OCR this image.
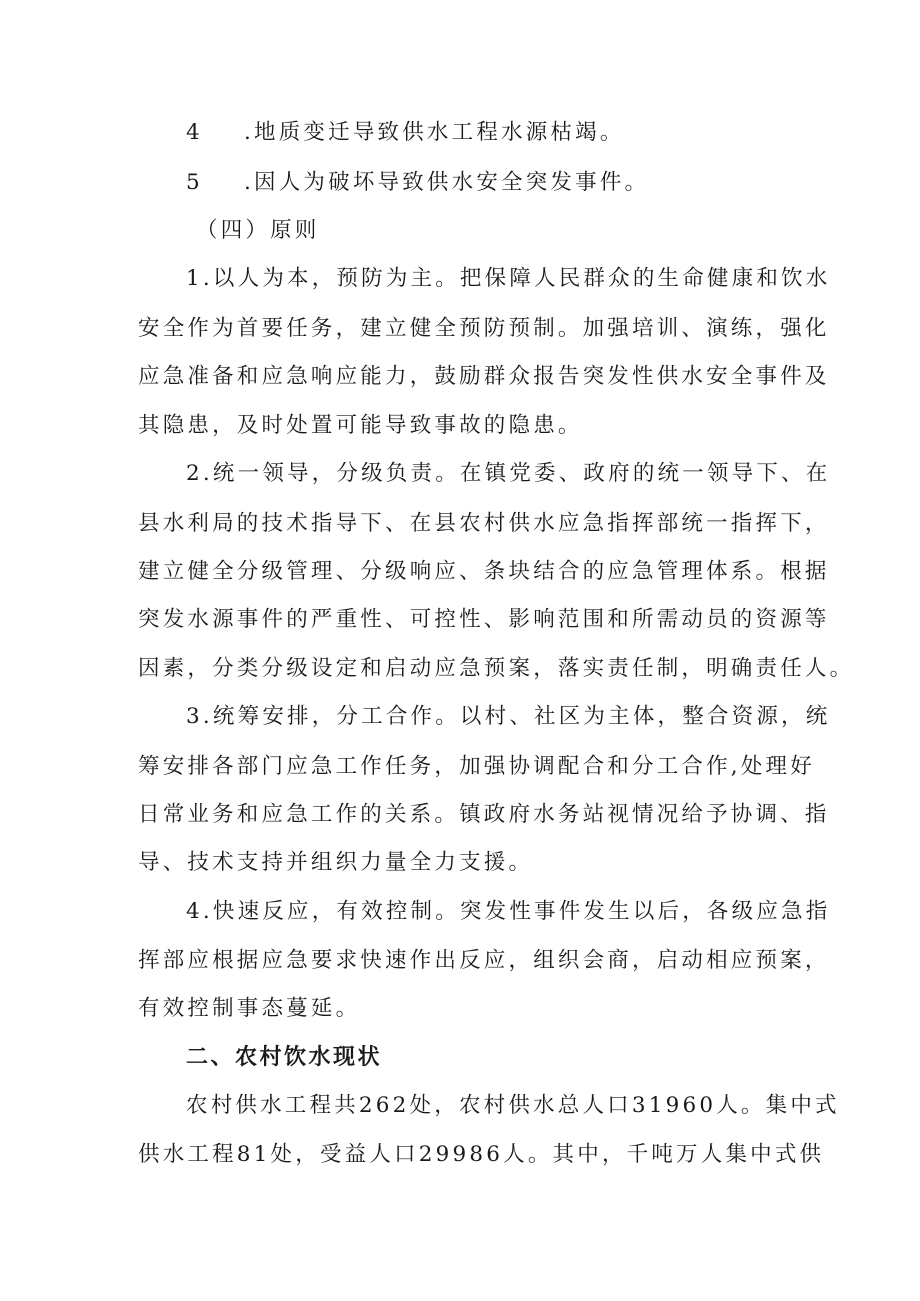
4 .地质变迁导致供水工程水源枯竭。
5 .因人为破坏导致供水安全突发事件。
（四）原则
1.以人为本，预防为主。把保障人民群众的生命健康和饮水
安全作为首要任务，建立健全预防预制。加强培训、演练，强化
应急准备和应急响应能力，鼓励群众报告突发性供水安全事件及
其隐患，及时处置可能导致事故的隐患。
2.统一领导，分级负责。在镇党委、政府的统一领导下、在
县水利局的技术指导下、在县农村供水应急指挥部统一指挥下，
建立健全分级管理、分级响应、条块结合的应急管理体系。根据
突发水源事件的严重性、可控性、影响范围和所需动员的资源等
因素，分类分级设定和启动应急预案，落实责任制，明确责任人。
3.统筹安排，分工合作。以村、社区为主体，整合资源，统
筹安排各部门应急工作任务，加强协调配合和分工合作,处理好
日常业务和应急工作的关系。镇政府水务站视情况给予协调、指
导、技术支持并组织力量全力支援。
4.快速反应，有效控制。突发性事件发生以后，各级应急指
挥部应根据应急要求快速作出反应，组织会商，启动相应预案，
有效控制事态蔓延。
二、农村饮水现状
农村供水工程共262处，农村供水总人口31960人。集中式
供水工程81处，受益人口29986人。其中，千吨万人集中式供
